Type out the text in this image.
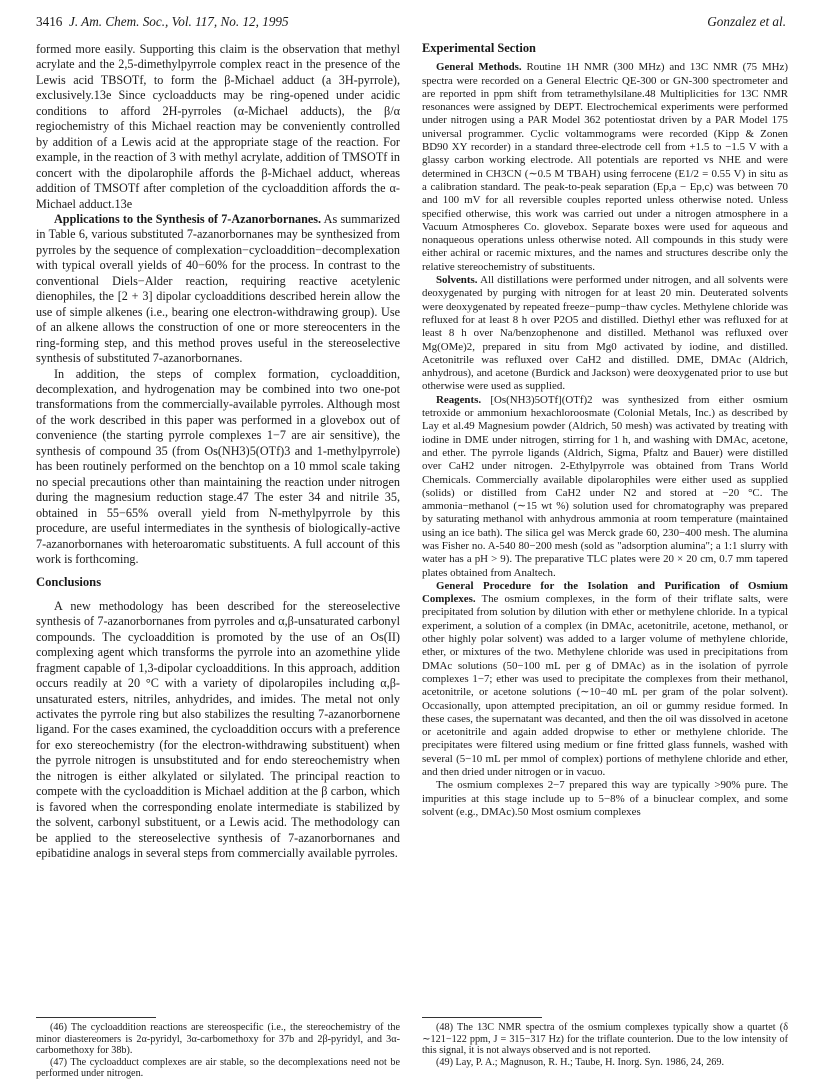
3416 J. Am. Chem. Soc., Vol. 117, No. 12, 1995	Gonzalez et al.

formed more easily. Supporting this claim is the observation that methyl acrylate and the 2,5-dimethylpyrrole complex react in the presence of the Lewis acid TBSOTf, to form the β-Michael adduct (a 3H-pyrrole), exclusively.13e Since cycloadducts may be ring-opened under acidic conditions to afford 2H-pyrroles (α-Michael adducts), the β/α regiochemistry of this Michael reaction may be conveniently controlled by addition of a Lewis acid at the appropriate stage of the reaction. For example, in the reaction of 3 with methyl acrylate, addition of TMSOTf in concert with the dipolarophile affords the β-Michael adduct, whereas addition of TMSOTf after completion of the cycloaddition affords the α-Michael adduct.13e

Applications to the Synthesis of 7-Azanorbornanes. As summarized in Table 6, various substituted 7-azanorbornanes may be synthesized from pyrroles by the sequence of complexation−cycloaddition−decomplexation with typical overall yields of 40−60% for the process. In contrast to the conventional Diels−Alder reaction, requiring reactive acetylenic dienophiles, the [2 + 3] dipolar cycloadditions described herein allow the use of simple alkenes (i.e., bearing one electron-withdrawing group). Use of an alkene allows the construction of one or more stereocenters in the ring-forming step, and this method proves useful in the stereoselective synthesis of substituted 7-azanorbornanes.

In addition, the steps of complex formation, cycloaddition, decomplexation, and hydrogenation may be combined into two one-pot transformations from the commercially-available pyrroles. Although most of the work described in this paper was performed in a glovebox out of convenience (the starting pyrrole complexes 1−7 are air sensitive), the synthesis of compound 35 (from Os(NH3)5(OTf)3 and 1-methylpyrrole) has been routinely performed on the benchtop on a 10 mmol scale taking no special precautions other than maintaining the reaction under nitrogen during the magnesium reduction stage.47 The ester 34 and nitrile 35, obtained in 55−65% overall yield from N-methylpyrrole by this procedure, are useful intermediates in the synthesis of biologically-active 7-azanorbornanes with heteroaromatic substituents. A full account of this work is forthcoming.

Conclusions

A new methodology has been described for the stereoselective synthesis of 7-azanorbornanes from pyrroles and α,β-unsaturated carbonyl compounds. The cycloaddition is promoted by the use of an Os(II) complexing agent which transforms the pyrrole into an azomethine ylide fragment capable of 1,3-dipolar cycloadditions. In this approach, addition occurs readily at 20 °C with a variety of dipolaropiles including α,β-unsaturated esters, nitriles, anhydrides, and imides. The metal not only activates the pyrrole ring but also stabilizes the resulting 7-azanorbornene ligand. For the cases examined, the cycloaddition occurs with a preference for exo stereochemistry (for the electron-withdrawing substituent) when the pyrrole nitrogen is unsubstituted and for endo stereochemistry when the nitrogen is either alkylated or silylated. The principal reaction to compete with the cycloaddition is Michael addition at the β carbon, which is favored when the corresponding enolate intermediate is stabilized by the solvent, carbonyl substituent, or a Lewis acid. The methodology can be applied to the stereoselective synthesis of 7-azanorbornanes and epibatidine analogs in several steps from commercially available pyrroles.

(46) The cycloaddition reactions are stereospecific (i.e., the stereochemistry of the minor diastereomers is 2α-pyridyl, 3α-carbomethoxy for 37b and 2β-pyridyl, and 3α-carbomethoxy for 38b).

(47) The cycloadduct complexes are air stable, so the decomplexations need not be performed under nitrogen.

Experimental Section

General Methods. Routine 1H NMR (300 MHz) and 13C NMR (75 MHz) spectra were recorded on a General Electric QE-300 or GN-300 spectrometer and are reported in ppm shift from tetramethylsilane.48 Multiplicities for 13C NMR resonances were assigned by DEPT. Electrochemical experiments were performed under nitrogen using a PAR Model 362 potentiostat driven by a PAR Model 175 universal programmer. Cyclic voltammograms were recorded (Kipp & Zonen BD90 XY recorder) in a standard three-electrode cell from +1.5 to −1.5 V with a glassy carbon working electrode. All potentials are reported vs NHE and were determined in CH3CN (∼0.5 M TBAH) using ferrocene (E1/2 = 0.55 V) in situ as a calibration standard. The peak-to-peak separation (Ep,a − Ep,c) was between 70 and 100 mV for all reversible couples reported unless otherwise noted. Unless specified otherwise, this work was carried out under a nitrogen atmosphere in a Vacuum Atmospheres Co. glovebox. Separate boxes were used for aqueous and nonaqueous operations unless otherwise noted. All compounds in this study were either achiral or racemic mixtures, and the names and structures describe only the relative stereochemistry of substituents.

Solvents. All distillations were performed under nitrogen, and all solvents were deoxygenated by purging with nitrogen for at least 20 min. Deuterated solvents were deoxygenated by repeated freeze−pump−thaw cycles. Methylene chloride was refluxed for at least 8 h over P2O5 and distilled. Diethyl ether was refluxed for at least 8 h over Na/benzophenone and distilled. Methanol was refluxed over Mg(OMe)2, prepared in situ from Mg0 activated by iodine, and distilled. Acetonitrile was refluxed over CaH2 and distilled. DME, DMAc (Aldrich, anhydrous), and acetone (Burdick and Jackson) were deoxygenated prior to use but otherwise were used as supplied.

Reagents. [Os(NH3)5OTf](OTf)2 was synthesized from either osmium tetroxide or ammonium hexachloroosmate (Colonial Metals, Inc.) as described by Lay et al.49 Magnesium powder (Aldrich, 50 mesh) was activated by treating with iodine in DME under nitrogen, stirring for 1 h, and washing with DMAc, acetone, and ether. The pyrrole ligands (Aldrich, Sigma, Pfaltz and Bauer) were distilled over CaH2 under nitrogen. 2-Ethylpyrrole was obtained from Trans World Chemicals. Commercially available dipolarophiles were either used as supplied (solids) or distilled from CaH2 under N2 and stored at −20 °C. The ammonia−methanol (∼15 wt %) solution used for chromatography was prepared by saturating methanol with anhydrous ammonia at room temperature (maintained using an ice bath). The silica gel was Merck grade 60, 230−400 mesh. The alumina was Fisher no. A-540 80−200 mesh (sold as "adsorption alumina"; a 1:1 slurry with water has a pH > 9). The preparative TLC plates were 20 × 20 cm, 0.7 mm tapered plates obtained from Analtech.

General Procedure for the Isolation and Purification of Osmium Complexes. The osmium complexes, in the form of their triflate salts, were precipitated from solution by dilution with ether or methylene chloride. In a typical experiment, a solution of a complex (in DMAc, acetonitrile, acetone, methanol, or other highly polar solvent) was added to a larger volume of methylene chloride, ether, or mixtures of the two. Methylene chloride was used in precipitations from DMAc solutions (50−100 mL per g of DMAc) as in the isolation of pyrrole complexes 1−7; ether was used to precipitate the complexes from their methanol, acetonitrile, or acetone solutions (∼10−40 mL per gram of the polar solvent). Occasionally, upon attempted precipitation, an oil or gummy residue formed. In these cases, the supernatant was decanted, and then the oil was dissolved in acetone or acetonitrile and again added dropwise to ether or methylene chloride. The precipitates were filtered using medium or fine fritted glass funnels, washed with several (5−10 mL per mmol of complex) portions of methylene chloride and ether, and then dried under nitrogen or in vacuo.

The osmium complexes 2−7 prepared this way are typically >90% pure. The impurities at this stage include up to 5−8% of a binuclear complex, and some solvent (e.g., DMAc).50 Most osmium complexes

(48) The 13C NMR spectra of the osmium complexes typically show a quartet (δ ∼121−122 ppm, J = 315−317 Hz) for the triflate counterion. Due to the low intensity of this signal, it is not always observed and is not reported.

(49) Lay, P. A.; Magnuson, R. H.; Taube, H. Inorg. Syn. 1986, 24, 269.
